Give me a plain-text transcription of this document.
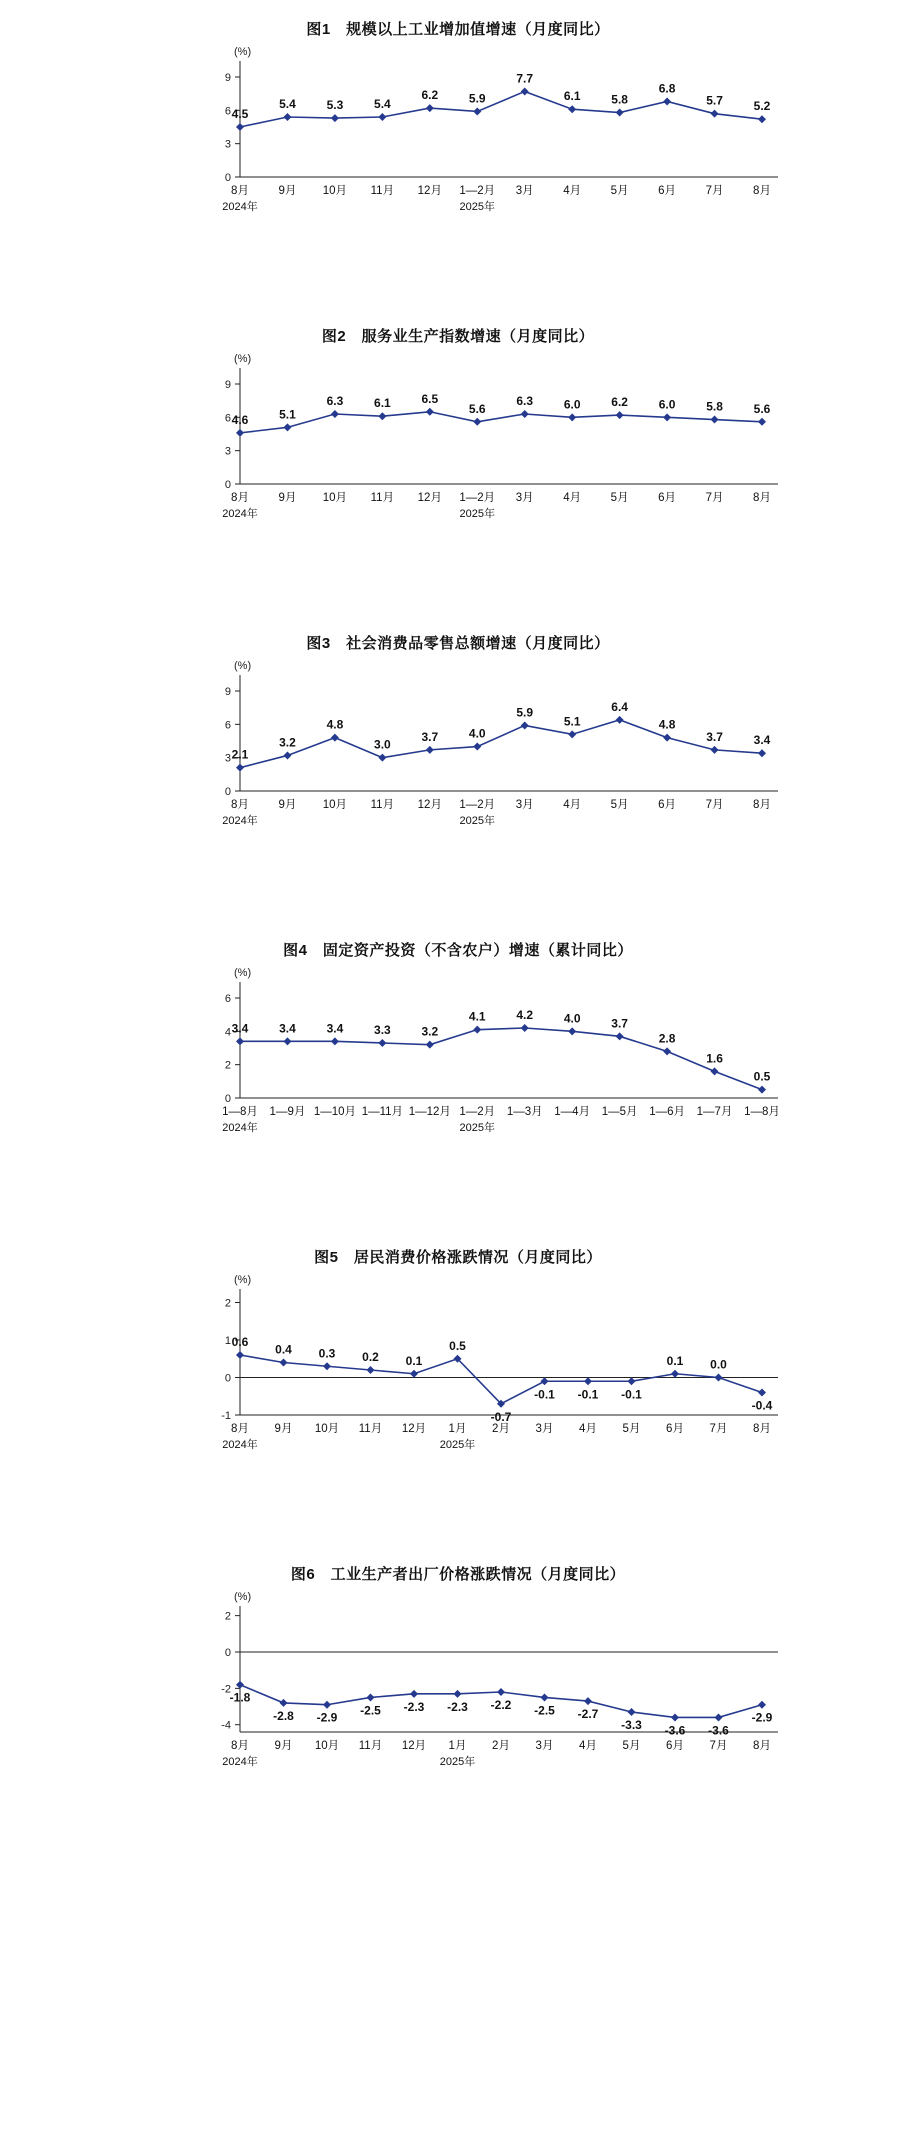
图1　规模以上工业增加值增速（月度同比）
(%)
0
3
6
9
4.5
8月
5.4
9月
5.3
10月
5.4
11月
6.2
12月
5.9
1—2月
7.7
3月
6.1
4月
5.8
5月
6.8
6月
5.7
7月
5.2
8月
2024年	2025年
图2　服务业生产指数增速（月度同比）
(%)
0
3
6
9
4.6
8月
5.1
9月
6.3
10月
6.1
11月
6.5
12月
5.6
1—2月
6.3
3月
6.0
4月
6.2
5月
6.0
6月
5.8
7月
5.6
8月
2024年	2025年
图3　社会消费品零售总额增速（月度同比）
(%)
0
3
6
9
2.1
8月
3.2
9月
4.8
10月
3.0
11月
3.7
12月
4.0
1—2月
5.9
3月
5.1
4月
6.4
5月
4.8
6月
3.7
7月
3.4
8月
2024年	2025年
图4　固定资产投资（不含农户）增速（累计同比）
(%)
0
2
4
6
3.4
1—8月
3.4
1—9月
3.4
1—10月
3.3
1—11月
3.2
1—12月
4.1
1—2月
4.2
1—3月
4.0
1—4月
3.7
1—5月
2.8
1—6月
1.6
1—7月
0.5
1—8月
2024年	2025年
图5　居民消费价格涨跌情况（月度同比）
(%)
-1
0
1
2
0.6
8月
0.4
9月
0.3
10月
0.2
11月
0.1
12月
0.5
1月
-0.7
2月
-0.1
3月
-0.1
4月
-0.1
5月
0.1
6月
0.0
7月
-0.4
8月
2024年	2025年
图6　工业生产者出厂价格涨跌情况（月度同比）
(%)
-4
-2
0
2
-1.8
8月
-2.8
9月
-2.9
10月
-2.5
11月
-2.3
12月
-2.3
1月
-2.2
2月
-2.5
3月
-2.7
4月
-3.3
5月
-3.6
6月
-3.6
7月
-2.9
8月
2024年	2025年
